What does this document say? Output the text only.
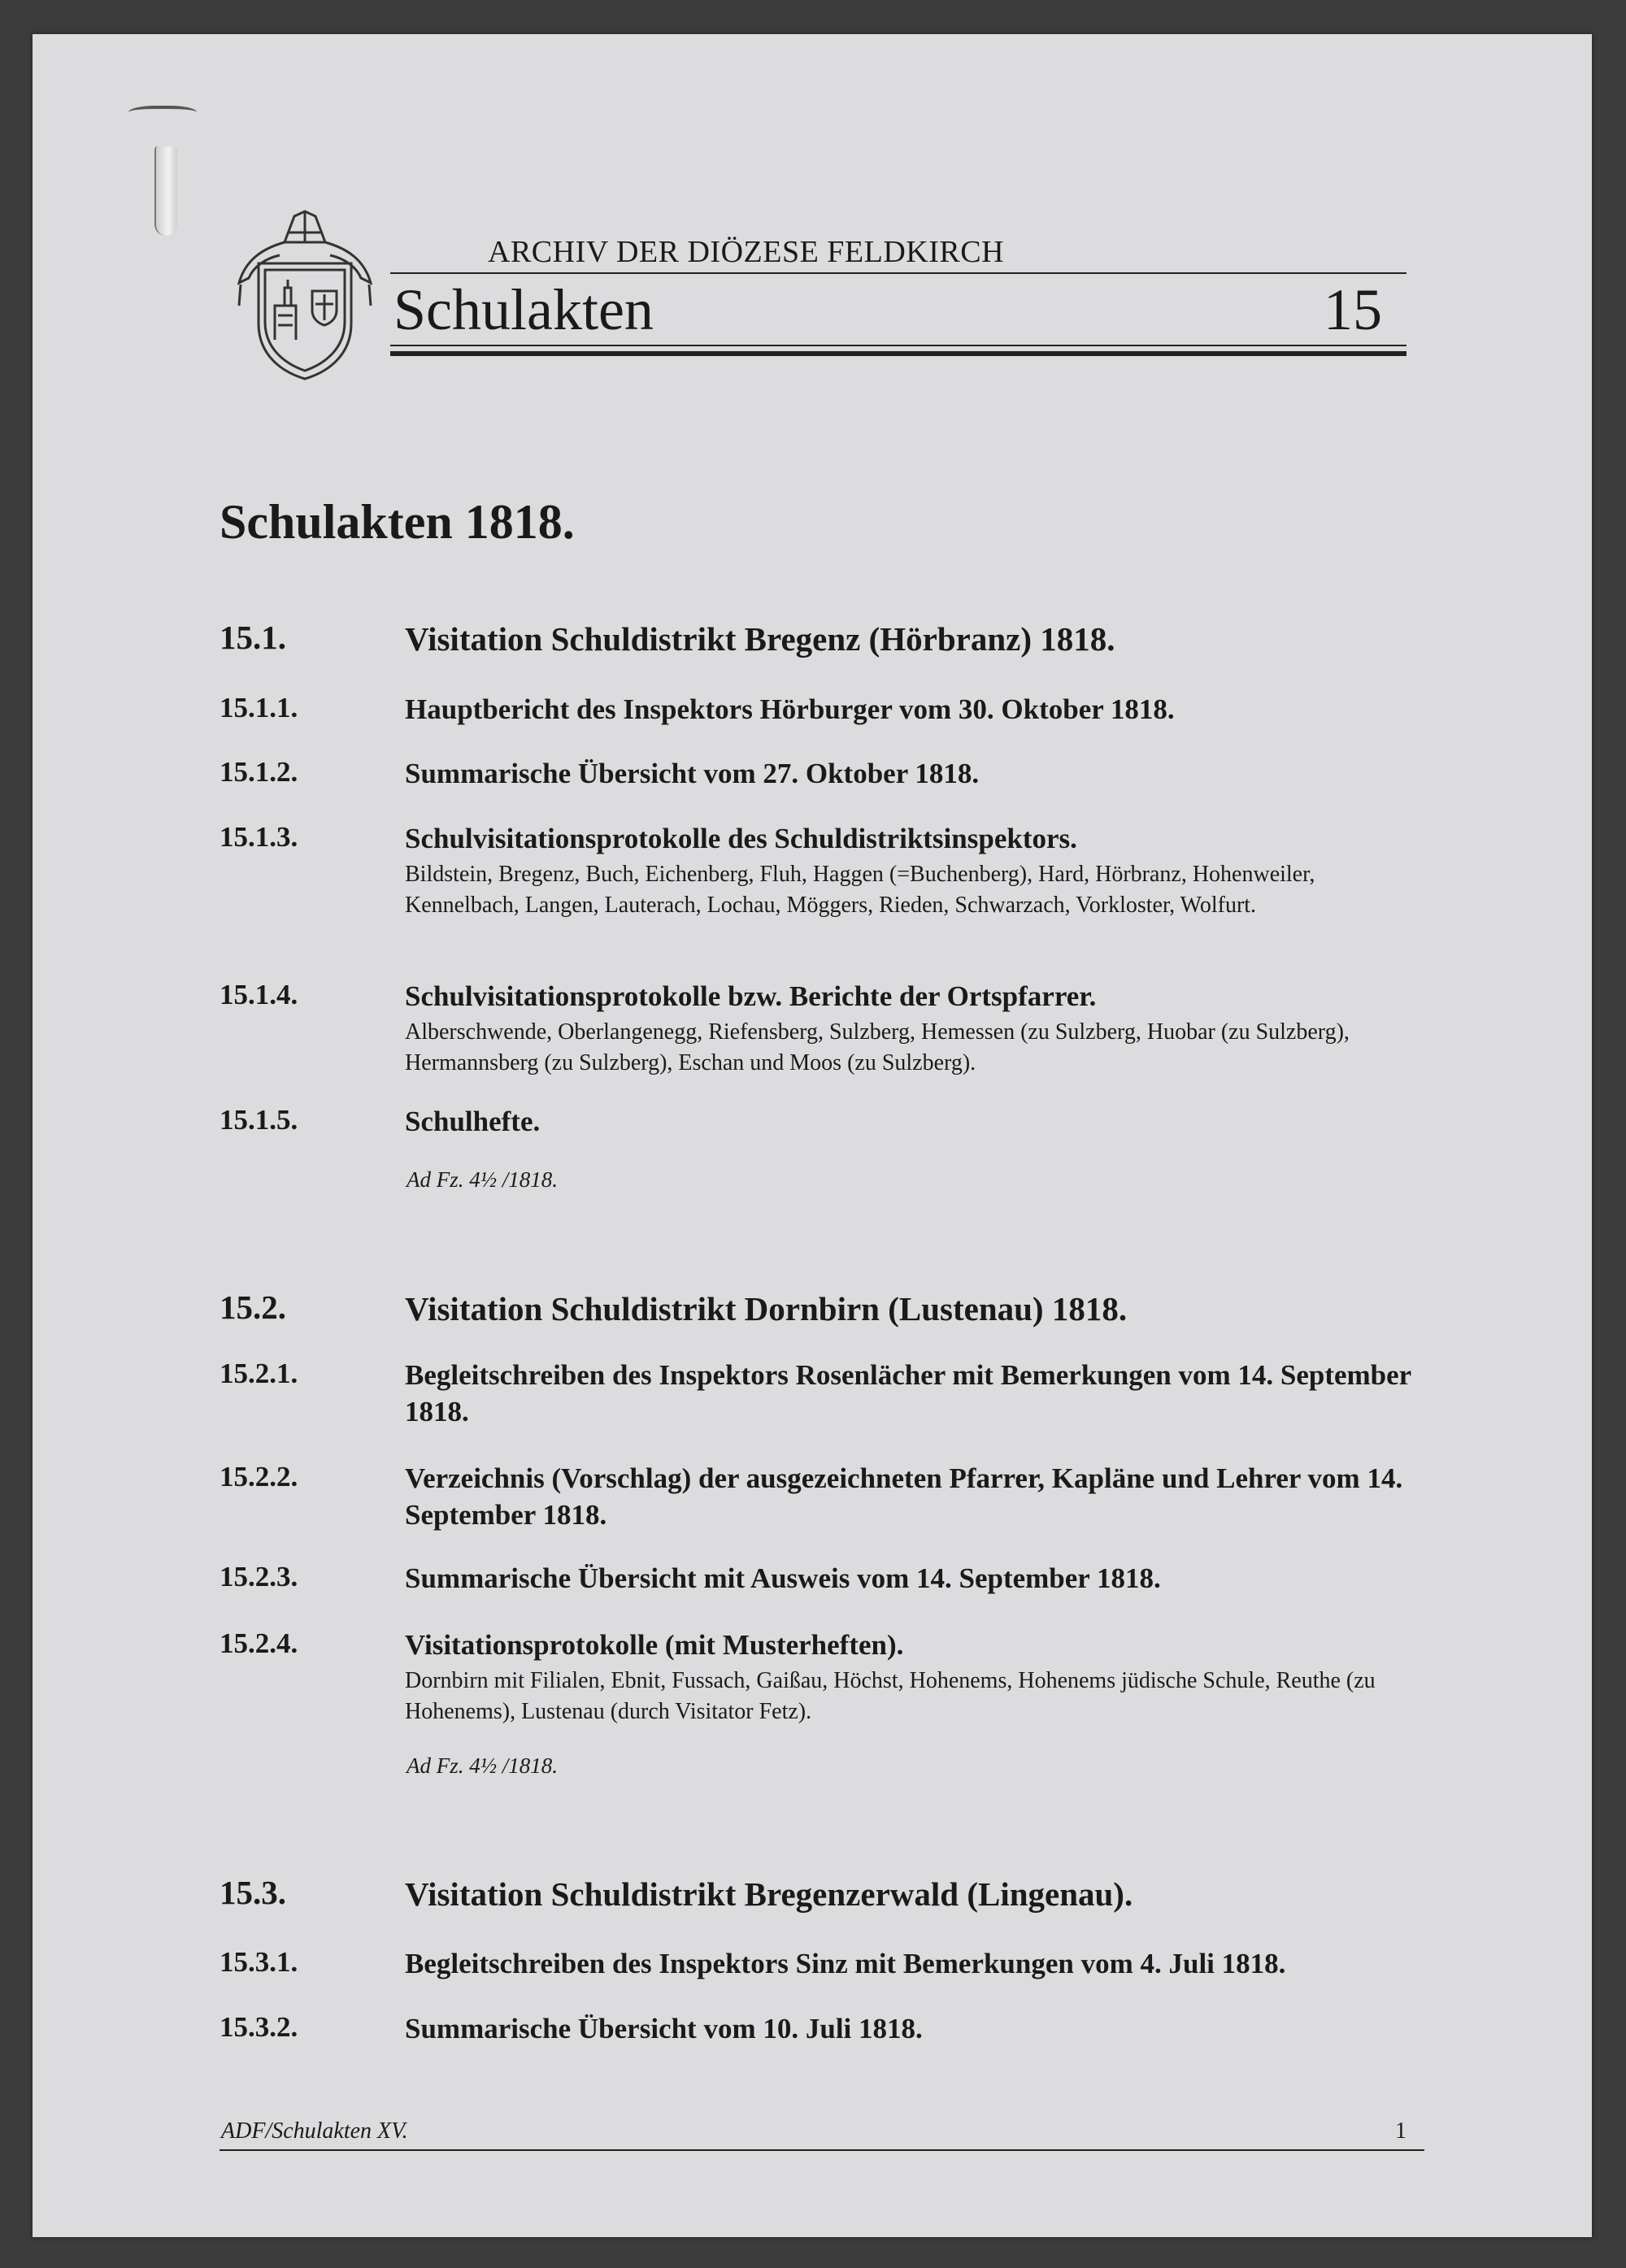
ARCHIV DER DIÖZESE FELDKIRCH
Schulakten	15
Schulakten 1818.
15.1.	Visitation Schuldistrikt Bregenz (Hörbranz) 1818.
15.1.1.	Hauptbericht des Inspektors Hörburger vom 30. Oktober 1818.
15.1.2.	Summarische Übersicht vom 27. Oktober 1818.
15.1.3.	Schulvisitationsprotokolle des Schuldistriktsinspektors.
Bildstein, Bregenz, Buch, Eichenberg, Fluh, Haggen (=Buchenberg), Hard, Hörbranz, Hohenweiler, Kennelbach, Langen, Lauterach, Lochau, Möggers, Rieden, Schwarzach, Vorkloster, Wolfurt.
15.1.4.	Schulvisitationsprotokolle bzw. Berichte der Ortspfarrer.
Alberschwende, Oberlangenegg, Riefensberg, Sulzberg, Hemessen (zu Sulzberg, Huobar (zu Sulzberg), Hermannsberg (zu Sulzberg), Eschan und Moos (zu Sulzberg).
15.1.5.	Schulhefte.
Ad Fz. 4½ /1818.
15.2.	Visitation Schuldistrikt Dornbirn (Lustenau) 1818.
15.2.1.	Begleitschreiben des Inspektors Rosenlächer mit Bemerkungen vom 14. September 1818.
15.2.2.	Verzeichnis (Vorschlag) der ausgezeichneten Pfarrer, Kapläne und Lehrer vom 14. September 1818.
15.2.3.	Summarische Übersicht mit Ausweis vom 14. September 1818.
15.2.4.	Visitationsprotokolle (mit Musterheften).
Dornbirn mit Filialen, Ebnit, Fussach, Gaißau, Höchst, Hohenems, Hohenems jüdische Schule, Reuthe (zu Hohenems), Lustenau (durch Visitator Fetz).
Ad Fz. 4½ /1818.
15.3.	Visitation Schuldistrikt Bregenzerwald (Lingenau).
15.3.1.	Begleitschreiben des Inspektors Sinz mit Bemerkungen vom 4. Juli 1818.
15.3.2.	Summarische Übersicht vom 10. Juli 1818.
ADF/Schulakten XV.	1
